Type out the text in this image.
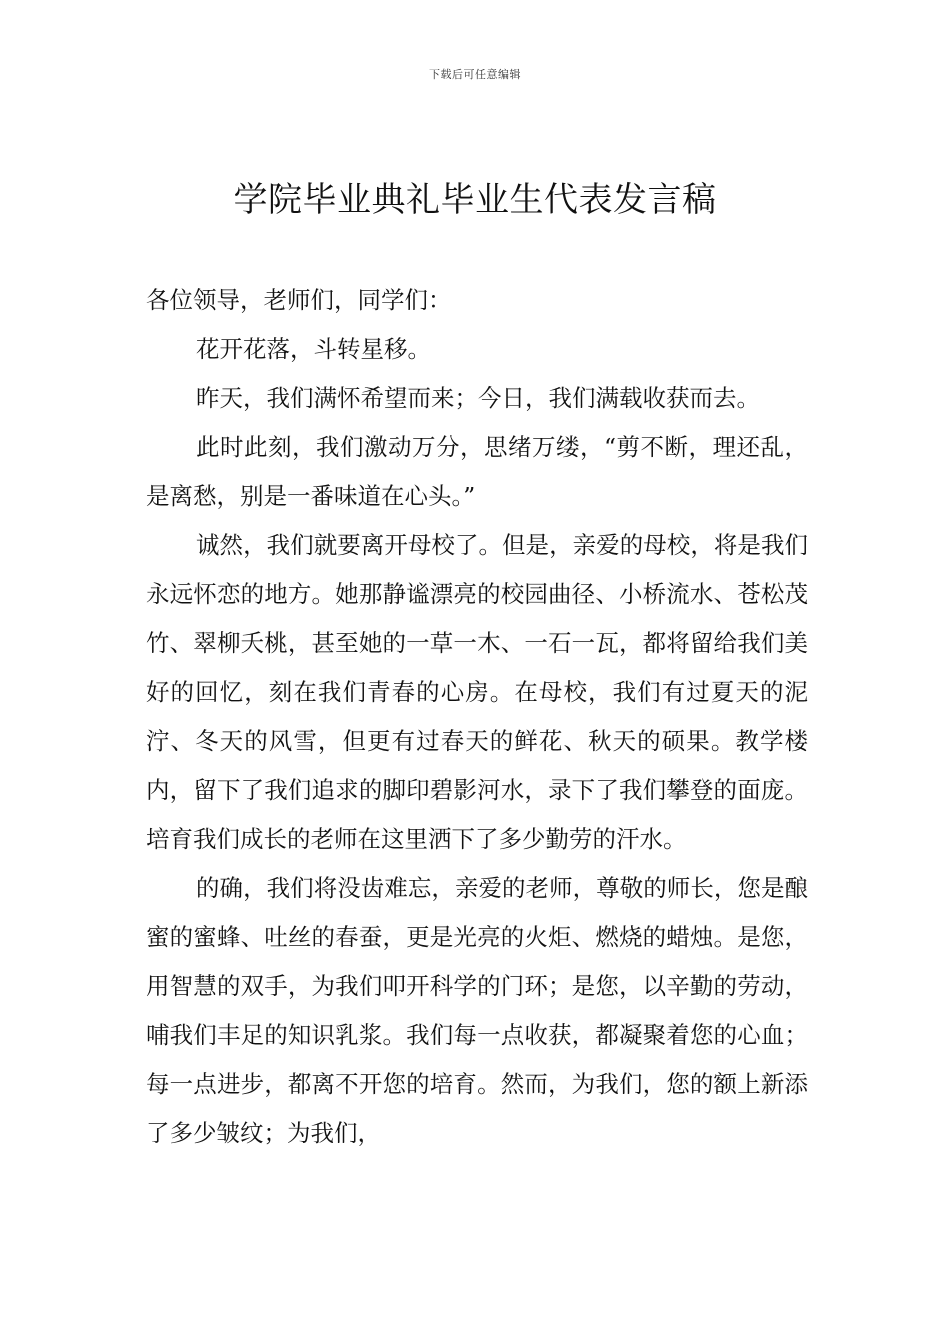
下载后可任意编辑
学院毕业典礼毕业生代表发言稿

各位领导，老师们，同学们：

花开花落，斗转星移。

昨天，我们满怀希望而来；今日，我们满载收获而去。

此时此刻，我们激动万分，思绪万缕，“剪不断，理还乱，是离愁，别是一番味道在心头。”

诚然，我们就要离开母校了。但是，亲爱的母校，将是我们永远怀恋的地方。她那静谧漂亮的校园曲径、小桥流水、苍松茂竹、翠柳夭桃，甚至她的一草一木、一石一瓦，都将留给我们美好的回忆，刻在我们青春的心房。在母校，我们有过夏天的泥泞、冬天的风雪，但更有过春天的鲜花、秋天的硕果。教学楼内，留下了我们追求的脚印碧影河水，录下了我们攀登的面庞。培育我们成长的老师在这里洒下了多少勤劳的汗水。

的确，我们将没齿难忘，亲爱的老师，尊敬的师长，您是酿蜜的蜜蜂、吐丝的春蚕，更是光亮的火炬、燃烧的蜡烛。是您，用智慧的双手，为我们叩开科学的门环；是您，以辛勤的劳动，哺我们丰足的知识乳浆。我们每一点收获，都凝聚着您的心血；每一点进步，都离不开您的培育。然而，为我们，您的额上新添了多少皱纹；为我们，
